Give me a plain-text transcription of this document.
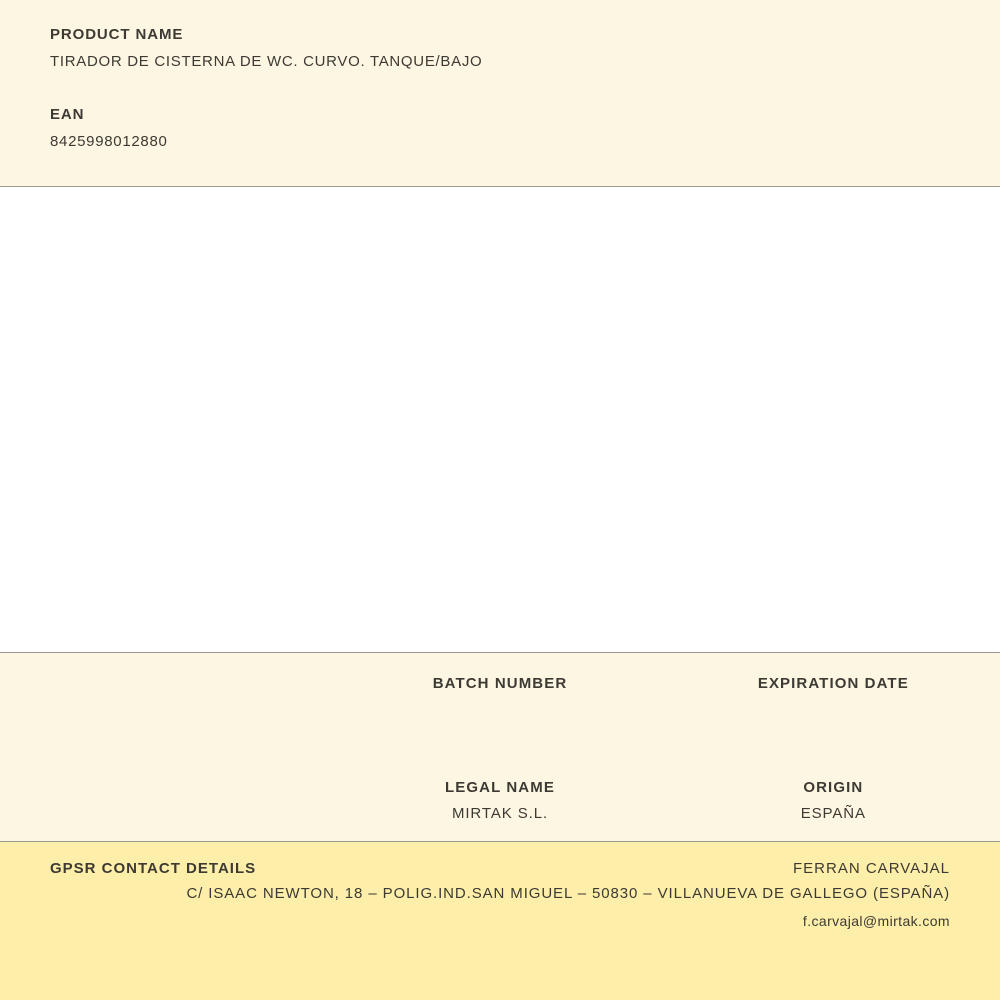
PRODUCT NAME
TIRADOR DE CISTERNA DE WC. CURVO. TANQUE/BAJO
EAN
8425998012880
BATCH NUMBER	EXPIRATION DATE
LEGAL NAME
MIRTAK S.L.
ORIGIN
ESPAÑA
GPSR CONTACT DETAILS	FERRAN CARVAJAL
C/ ISAAC NEWTON, 18 – POLIG.IND.SAN MIGUEL – 50830 – VILLANUEVA DE GALLEGO (ESPAÑA)
f.carvajal@mirtak.com
